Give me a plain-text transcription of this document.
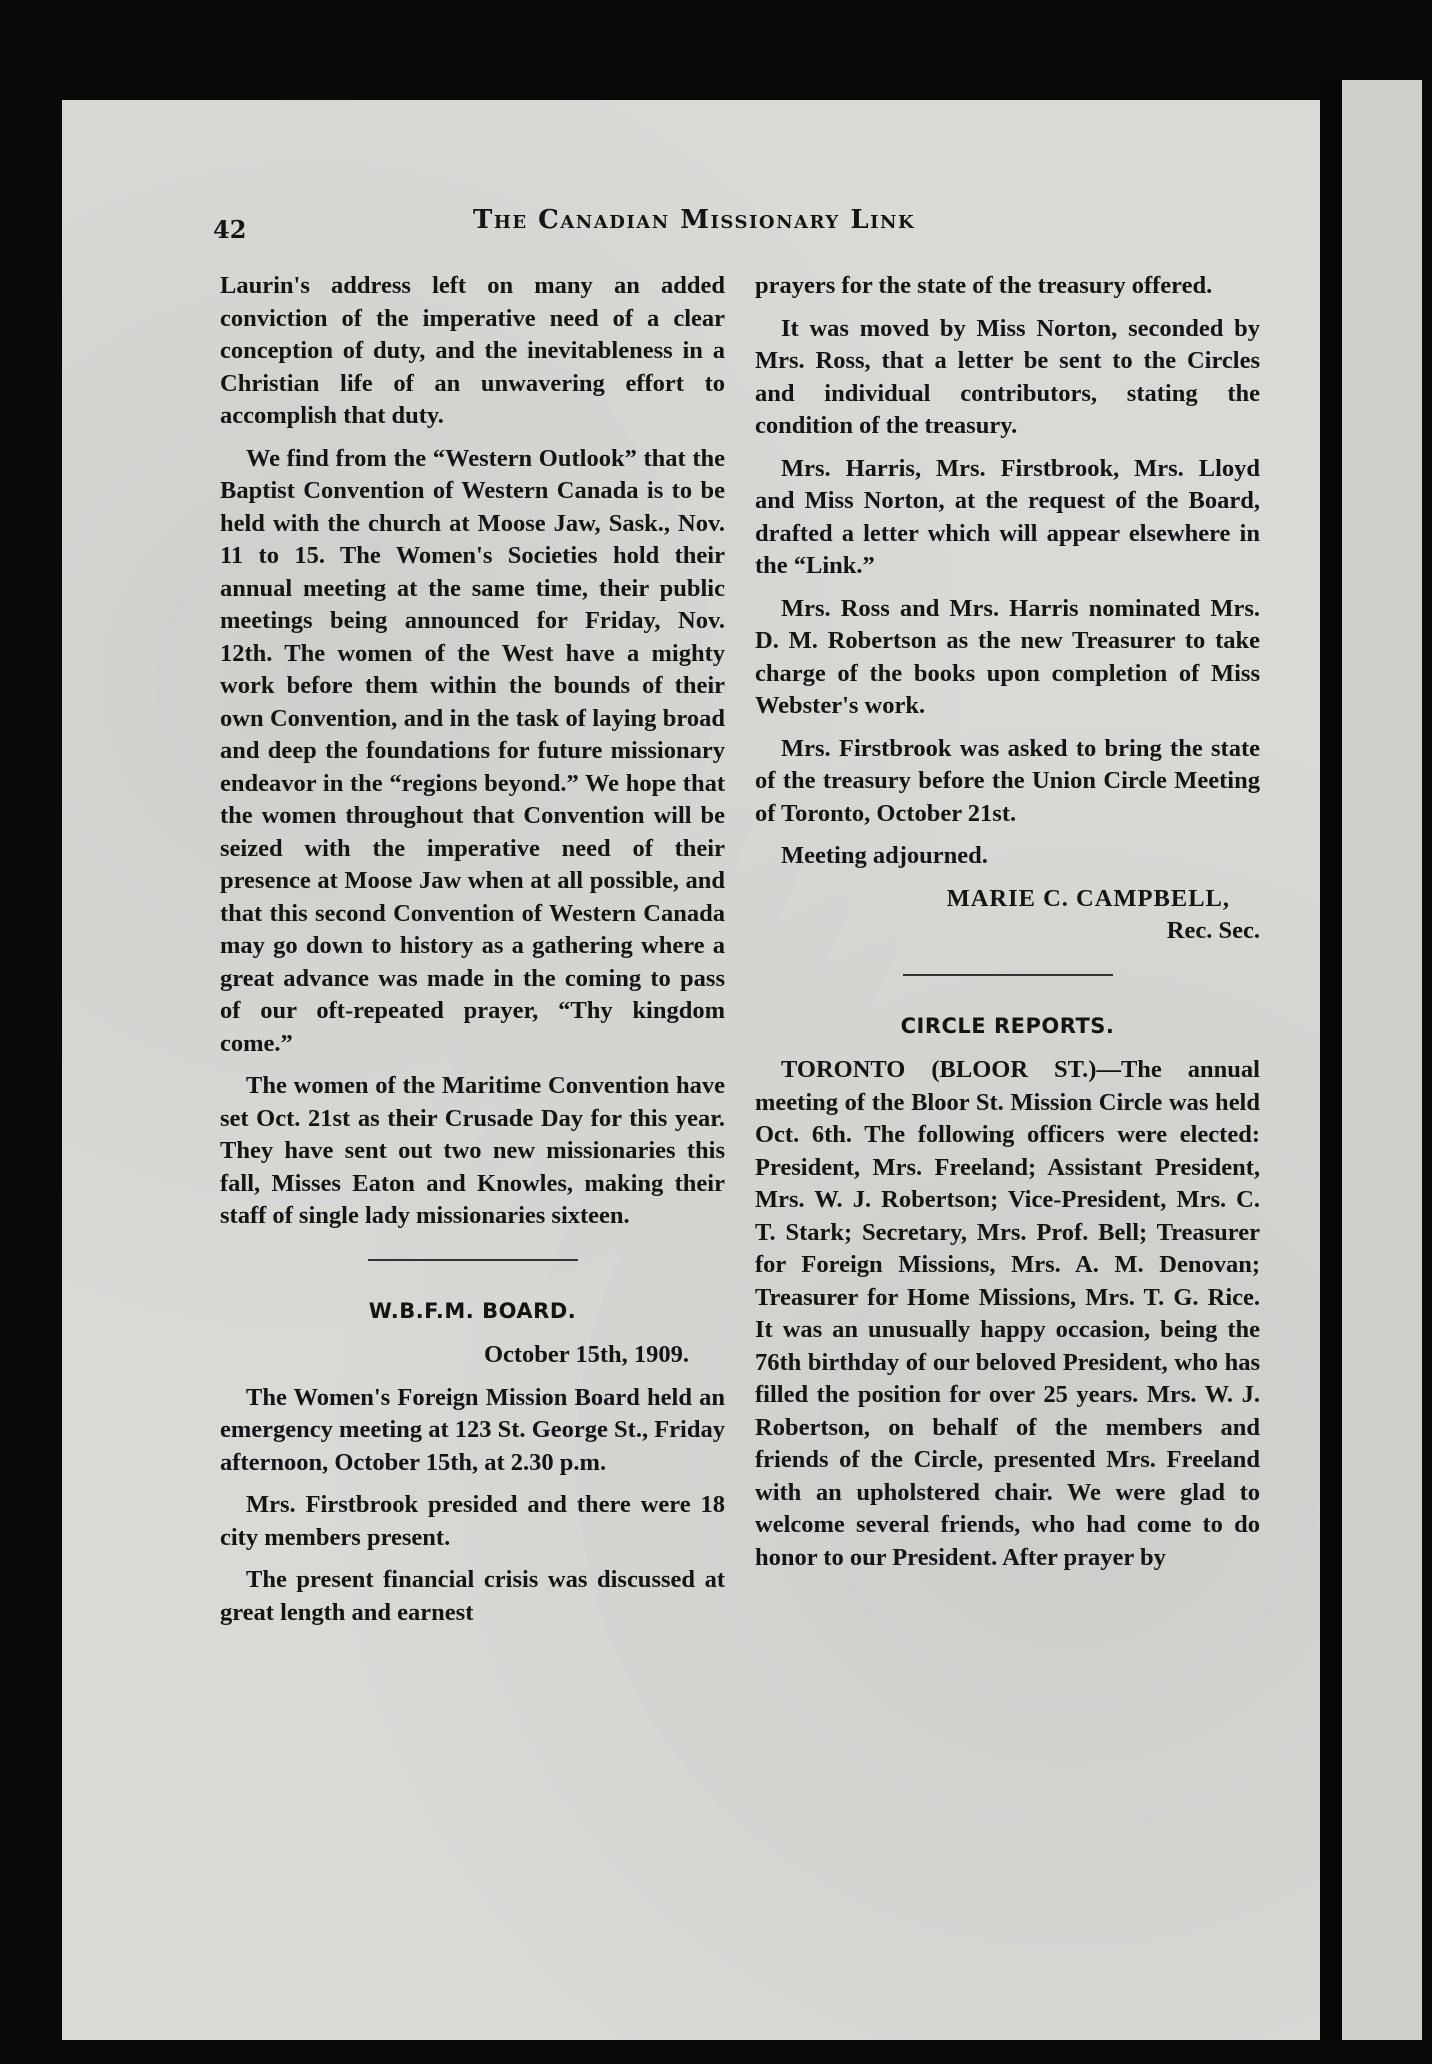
42	The Canadian Missionary Link

Laurin's address left on many an added conviction of the imperative need of a clear conception of duty, and the inevitableness in a Christian life of an unwavering effort to accomplish that duty.

We find from the “Western Outlook” that the Baptist Convention of Western Canada is to be held with the church at Moose Jaw, Sask., Nov. 11 to 15. The Women's Societies hold their annual meeting at the same time, their public meetings being announced for Friday, Nov. 12th. The women of the West have a mighty work before them within the bounds of their own Convention, and in the task of laying broad and deep the foundations for future missionary endeavor in the “regions beyond.” We hope that the women throughout that Convention will be seized with the imperative need of their presence at Moose Jaw when at all possible, and that this second Convention of Western Canada may go down to history as a gathering where a great advance was made in the coming to pass of our oft-repeated prayer, “Thy kingdom come.”

The women of the Maritime Convention have set Oct. 21st as their Crusade Day for this year. They have sent out two new missionaries this fall, Misses Eaton and Knowles, making their staff of single lady missionaries sixteen.

W.B.F.M. BOARD.

October 15th, 1909.

The Women's Foreign Mission Board held an emergency meeting at 123 St. George St., Friday afternoon, October 15th, at 2.30 p.m.

Mrs. Firstbrook presided and there were 18 city members present.

The present financial crisis was discussed at great length and earnest

prayers for the state of the treasury offered.

It was moved by Miss Norton, seconded by Mrs. Ross, that a letter be sent to the Circles and individual contributors, stating the condition of the treasury.

Mrs. Harris, Mrs. Firstbrook, Mrs. Lloyd and Miss Norton, at the request of the Board, drafted a letter which will appear elsewhere in the “Link.”

Mrs. Ross and Mrs. Harris nominated Mrs. D. M. Robertson as the new Treasurer to take charge of the books upon completion of Miss Webster's work.

Mrs. Firstbrook was asked to bring the state of the treasury before the Union Circle Meeting of Toronto, October 21st.

Meeting adjourned.

MARIE C. CAMPBELL,

Rec. Sec.

CIRCLE REPORTS.

TORONTO (BLOOR ST.)—The annual meeting of the Bloor St. Mission Circle was held Oct. 6th. The following officers were elected: President, Mrs. Freeland; Assistant President, Mrs. W. J. Robertson; Vice-President, Mrs. C. T. Stark; Secretary, Mrs. Prof. Bell; Treasurer for Foreign Missions, Mrs. A. M. Denovan; Treasurer for Home Missions, Mrs. T. G. Rice. It was an unusually happy occasion, being the 76th birthday of our beloved President, who has filled the position for over 25 years. Mrs. W. J. Robertson, on behalf of the members and friends of the Circle, presented Mrs. Freeland with an upholstered chair. We were glad to welcome several friends, who had come to do honor to our President. After prayer by
